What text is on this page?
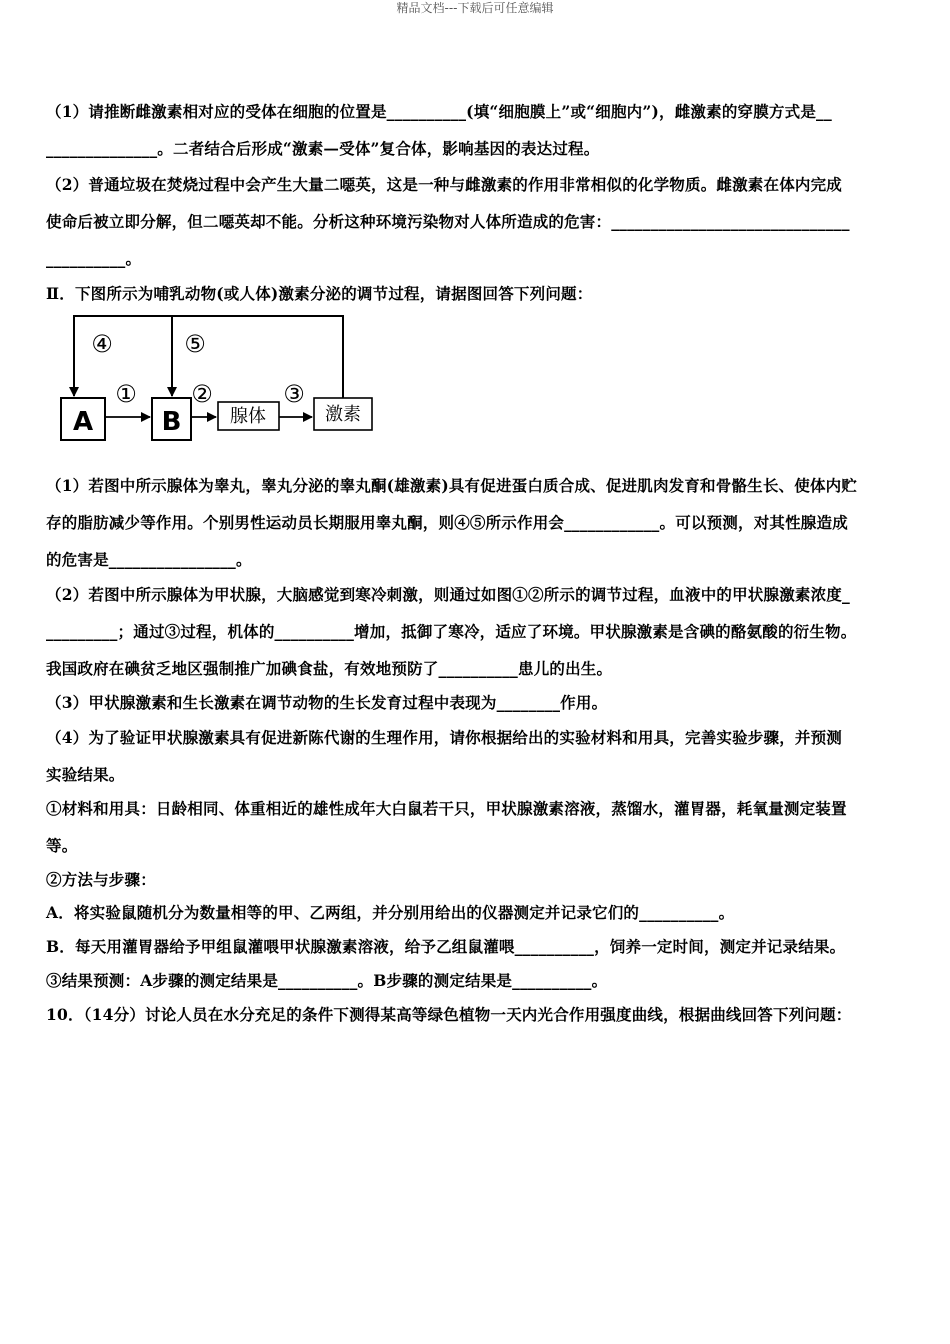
精品文档---下载后可任意编辑
（1）请推断雌激素相对应的受体在细胞的位置是__________(填“细胞膜上”或“细胞内”)，雌激素的穿膜方式是__
______________。二者结合后形成“激素—受体”复合体，影响基因的表达过程。
（2）普通垃圾在焚烧过程中会产生大量二噁英，这是一种与雌激素的作用非常相似的化学物质。雌激素在体内完成
使命后被立即分解，但二噁英却不能。分析这种环境污染物对人体所造成的危害：______________________________
__________。
Ⅱ．下图所示为哺乳动物(或人体)激素分泌的调节过程，请据图回答下列问题：
A	B	腺体	激素
④	⑤
① ②	③
（1）若图中所示腺体为睾丸，睾丸分泌的睾丸酮(雄激素)具有促进蛋白质合成、促进肌肉发育和骨骼生长、使体内贮
存的脂肪减少等作用。个别男性运动员长期服用睾丸酮，则④⑤所示作用会____________。可以预测，对其性腺造成
的危害是________________。
（2）若图中所示腺体为甲状腺，大脑感觉到寒冷刺激，则通过如图①②所示的调节过程，血液中的甲状腺激素浓度_
_________；通过③过程，机体的__________增加，抵御了寒冷，适应了环境。甲状腺激素是含碘的酪氨酸的衍生物。
我国政府在碘贫乏地区强制推广加碘食盐，有效地预防了__________患儿的出生。
（3）甲状腺激素和生长激素在调节动物的生长发育过程中表现为________作用。
（4）为了验证甲状腺激素具有促进新陈代谢的生理作用，请你根据给出的实验材料和用具，完善实验步骤，并预测
实验结果。
①材料和用具：日龄相同、体重相近的雄性成年大白鼠若干只，甲状腺激素溶液，蒸馏水，灌胃器，耗氧量测定装置
等。
②方法与步骤：
A．将实验鼠随机分为数量相等的甲、乙两组，并分别用给出的仪器测定并记录它们的__________。
B．每天用灌胃器给予甲组鼠灌喂甲状腺激素溶液，给予乙组鼠灌喂__________，饲养一定时间，测定并记录结果。
③结果预测：A步骤的测定结果是__________。B步骤的测定结果是__________。
10．（14分）讨论人员在水分充足的条件下测得某高等绿色植物一天内光合作用强度曲线，根据曲线回答下列问题：
